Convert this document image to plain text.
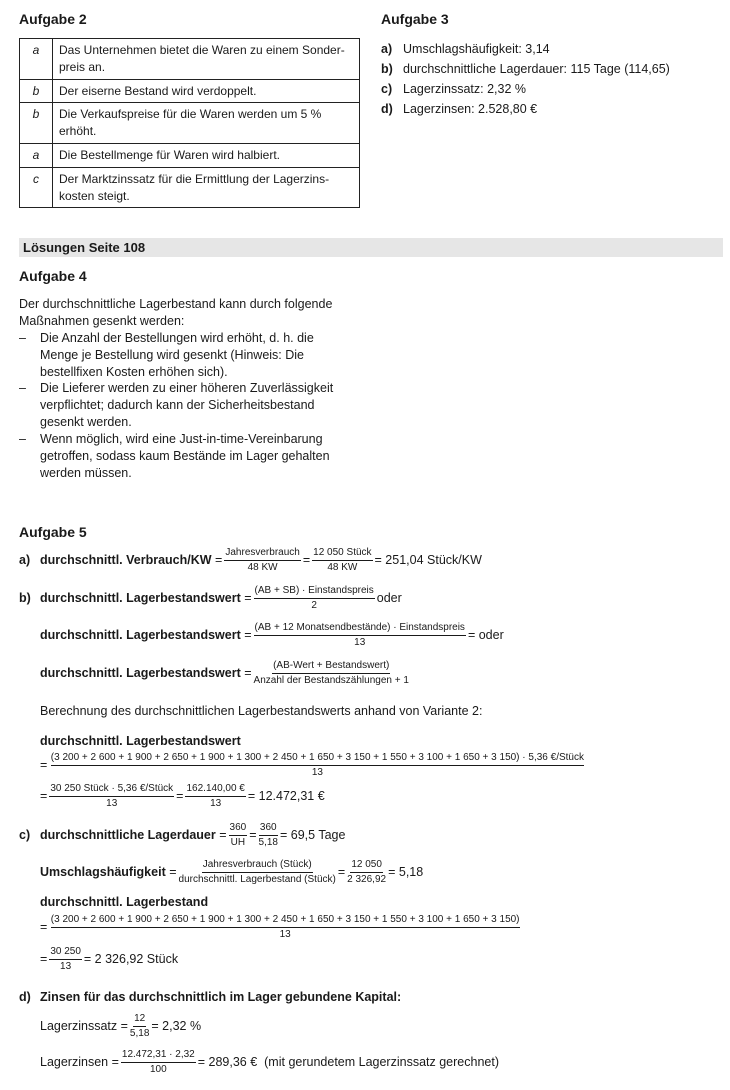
Aufgabe 2
a	Das Unternehmen bietet die Waren zu einem Sonder-
preis an.
b	Der eiserne Bestand wird verdoppelt.
b	Die Verkaufspreise für die Waren werden um 5 %
erhöht.
a	Die Bestellmenge für Waren wird halbiert.
c	Der Marktzinssatz für die Ermittlung der Lagerzins-
kosten steigt.
Aufgabe 3
a) Umschlagshäufigkeit: 3,14
b) durchschnittliche Lagerdauer: 115 Tage (114,65)
c) Lagerzinssatz: 2,32 %
d) Lagerzinsen: 2.528,80 €
Lösungen Seite 108
Aufgabe 4

Der durchschnittliche Lagerbestand kann durch folgende

Maßnahmen gesenkt werden:

–	Die Anzahl der Bestellungen wird erhöht, d. h. die
Menge je Bestellung wird gesenkt (Hinweis: Die
bestellfixen Kosten erhöhen sich).
–	Die Lieferer werden zu einer höheren Zuverlässigkeit
verpflichtet; dadurch kann der Sicherheitsbestand
gesenkt werden.
–	Wenn möglich, wird eine Just-in-time-Vereinbarung
getroffen, sodass kaum Bestände im Lager gehalten
werden müssen.
Aufgabe 5
a) durchschnittl. Verbrauch/KW
= $\frac{\text{Jahresverbrauch}}{48 KW} = \frac{\text{12 050 Stück}}{48 KW} = 251,04$ Stück/KW
b) durchschnittl. Lagerbestandswert
= $\frac{\text{(AB + SB) · Einstandspreis}}{2}$ oder
durchschnittl. Lagerbestandswert
= $\frac{\text{(AB + 12 Monatsendbestände) · Einstandspreis}}{13}$ = oder
durchschnittl. Lagerbestandswert
= $\frac{\text{(AB-Wert + Bestandswert)}}{\text{Anzahl der Bestandszählungen + 1}}$
Berechnung des durchschnittlichen Lagerbestandswerts anhand von Variante 2:
durchschnittl. Lagerbestandswert
=
(3 200 + 2 600 + 1 900 + 2 650 + 1 900 + 1 300 + 2 450 + 1 650 + 3 150 + 1 550 + 3 100 + 1 650 + 3 150) · 5,36 €/Stück
13
= $\frac{\text{30 250 Stück · 5,36 €/Stück}}{13} = \frac{162.140,00 €}{13} = 12.472,31$ €
c) durchschnittliche Lagerdauer
= $\frac{360}{UH} = \frac{360}{5,18} = 69,5$ Tage
Umschlagshäufigkeit
= $\frac{\text{Jahresverbrauch (Stück)}}{\text{durchschnittl. Lagerbestand (Stück)}} = \frac{12 050}{2 326,92} = 5,18$
durchschnittl. Lagerbestand
=
(3 200 + 2 600 + 1 900 + 2 650 + 1 900 + 1 300 + 2 450 + 1 650 + 3 150 + 1 550 + 3 100 + 1 650 + 3 150)
13
= $\frac{30 250}{13} = 2$ 326,92 Stück
d) Zinsen für das durchschnittlich im Lager gebundene Kapital:
Lagerzinssatz
= $\frac{12}{5,18} = 2,32$ %
Lagerzinsen
= $\frac{12.472,31 \cdot 2,32}{100} = 289,36$ €
(mit gerundetem Lagerzinssatz gerechnet)
